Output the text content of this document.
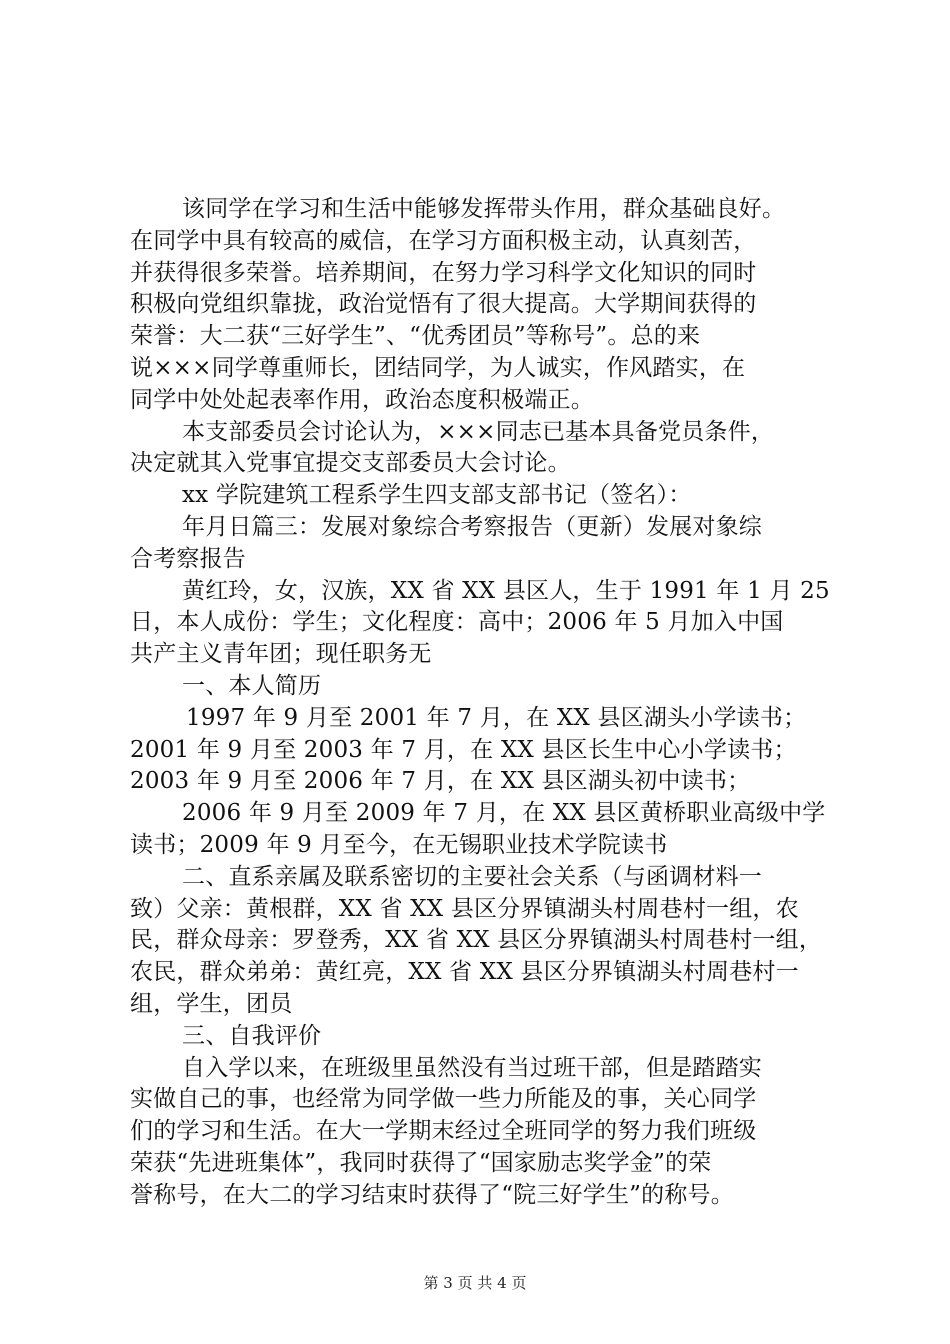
该同学在学习和生活中能够发挥带头作用，群众基础良好。
在同学中具有较高的威信，在学习方面积极主动，认真刻苦，
并获得很多荣誉。培养期间，在努力学习科学文化知识的同时
积极向党组织靠拢，政治觉悟有了很大提高。大学期间获得的
荣誉：大二获“三好学生”、“优秀团员”等称号”。总的来
说×××同学尊重师长，团结同学，为人诚实，作风踏实，在
同学中处处起表率作用，政治态度积极端正。
本支部委员会讨论认为，×××同志已基本具备党员条件，
决定就其入党事宜提交支部委员大会讨论。
xx 学院建筑工程系学生四支部支部书记（签名）：
年月日篇三：发展对象综合考察报告（更新）发展对象综
合考察报告
黄红玲，女，汉族，XX 省 XX 县区人，生于 1991 年 1 月 25
日，本人成份：学生；文化程度：高中；2006 年 5 月加入中国
共产主义青年团；现任职务无
一、本人简历
1997 年 9 月至 2001 年 7 月，在 XX 县区湖头小学读书；
2001 年 9 月至 2003 年 7 月，在 XX 县区长生中心小学读书；
2003 年 9 月至 2006 年 7 月，在 XX 县区湖头初中读书；
2006 年 9 月至 2009 年 7 月，在 XX 县区黄桥职业高级中学
读书；2009 年 9 月至今，在无锡职业技术学院读书
二、直系亲属及联系密切的主要社会关系（与函调材料一
致）父亲：黄根群，XX 省 XX 县区分界镇湖头村周巷村一组，农
民，群众母亲：罗登秀，XX 省 XX 县区分界镇湖头村周巷村一组，
农民，群众弟弟：黄红亮，XX 省 XX 县区分界镇湖头村周巷村一
组，学生，团员
三、自我评价
自入学以来，在班级里虽然没有当过班干部，但是踏踏实
实做自己的事，也经常为同学做一些力所能及的事，关心同学
们的学习和生活。在大一学期末经过全班同学的努力我们班级
荣获“先进班集体”，我同时获得了“国家励志奖学金”的荣
誉称号，在大二的学习结束时获得了“院三好学生”的称号。
第 3 页 共 4 页
